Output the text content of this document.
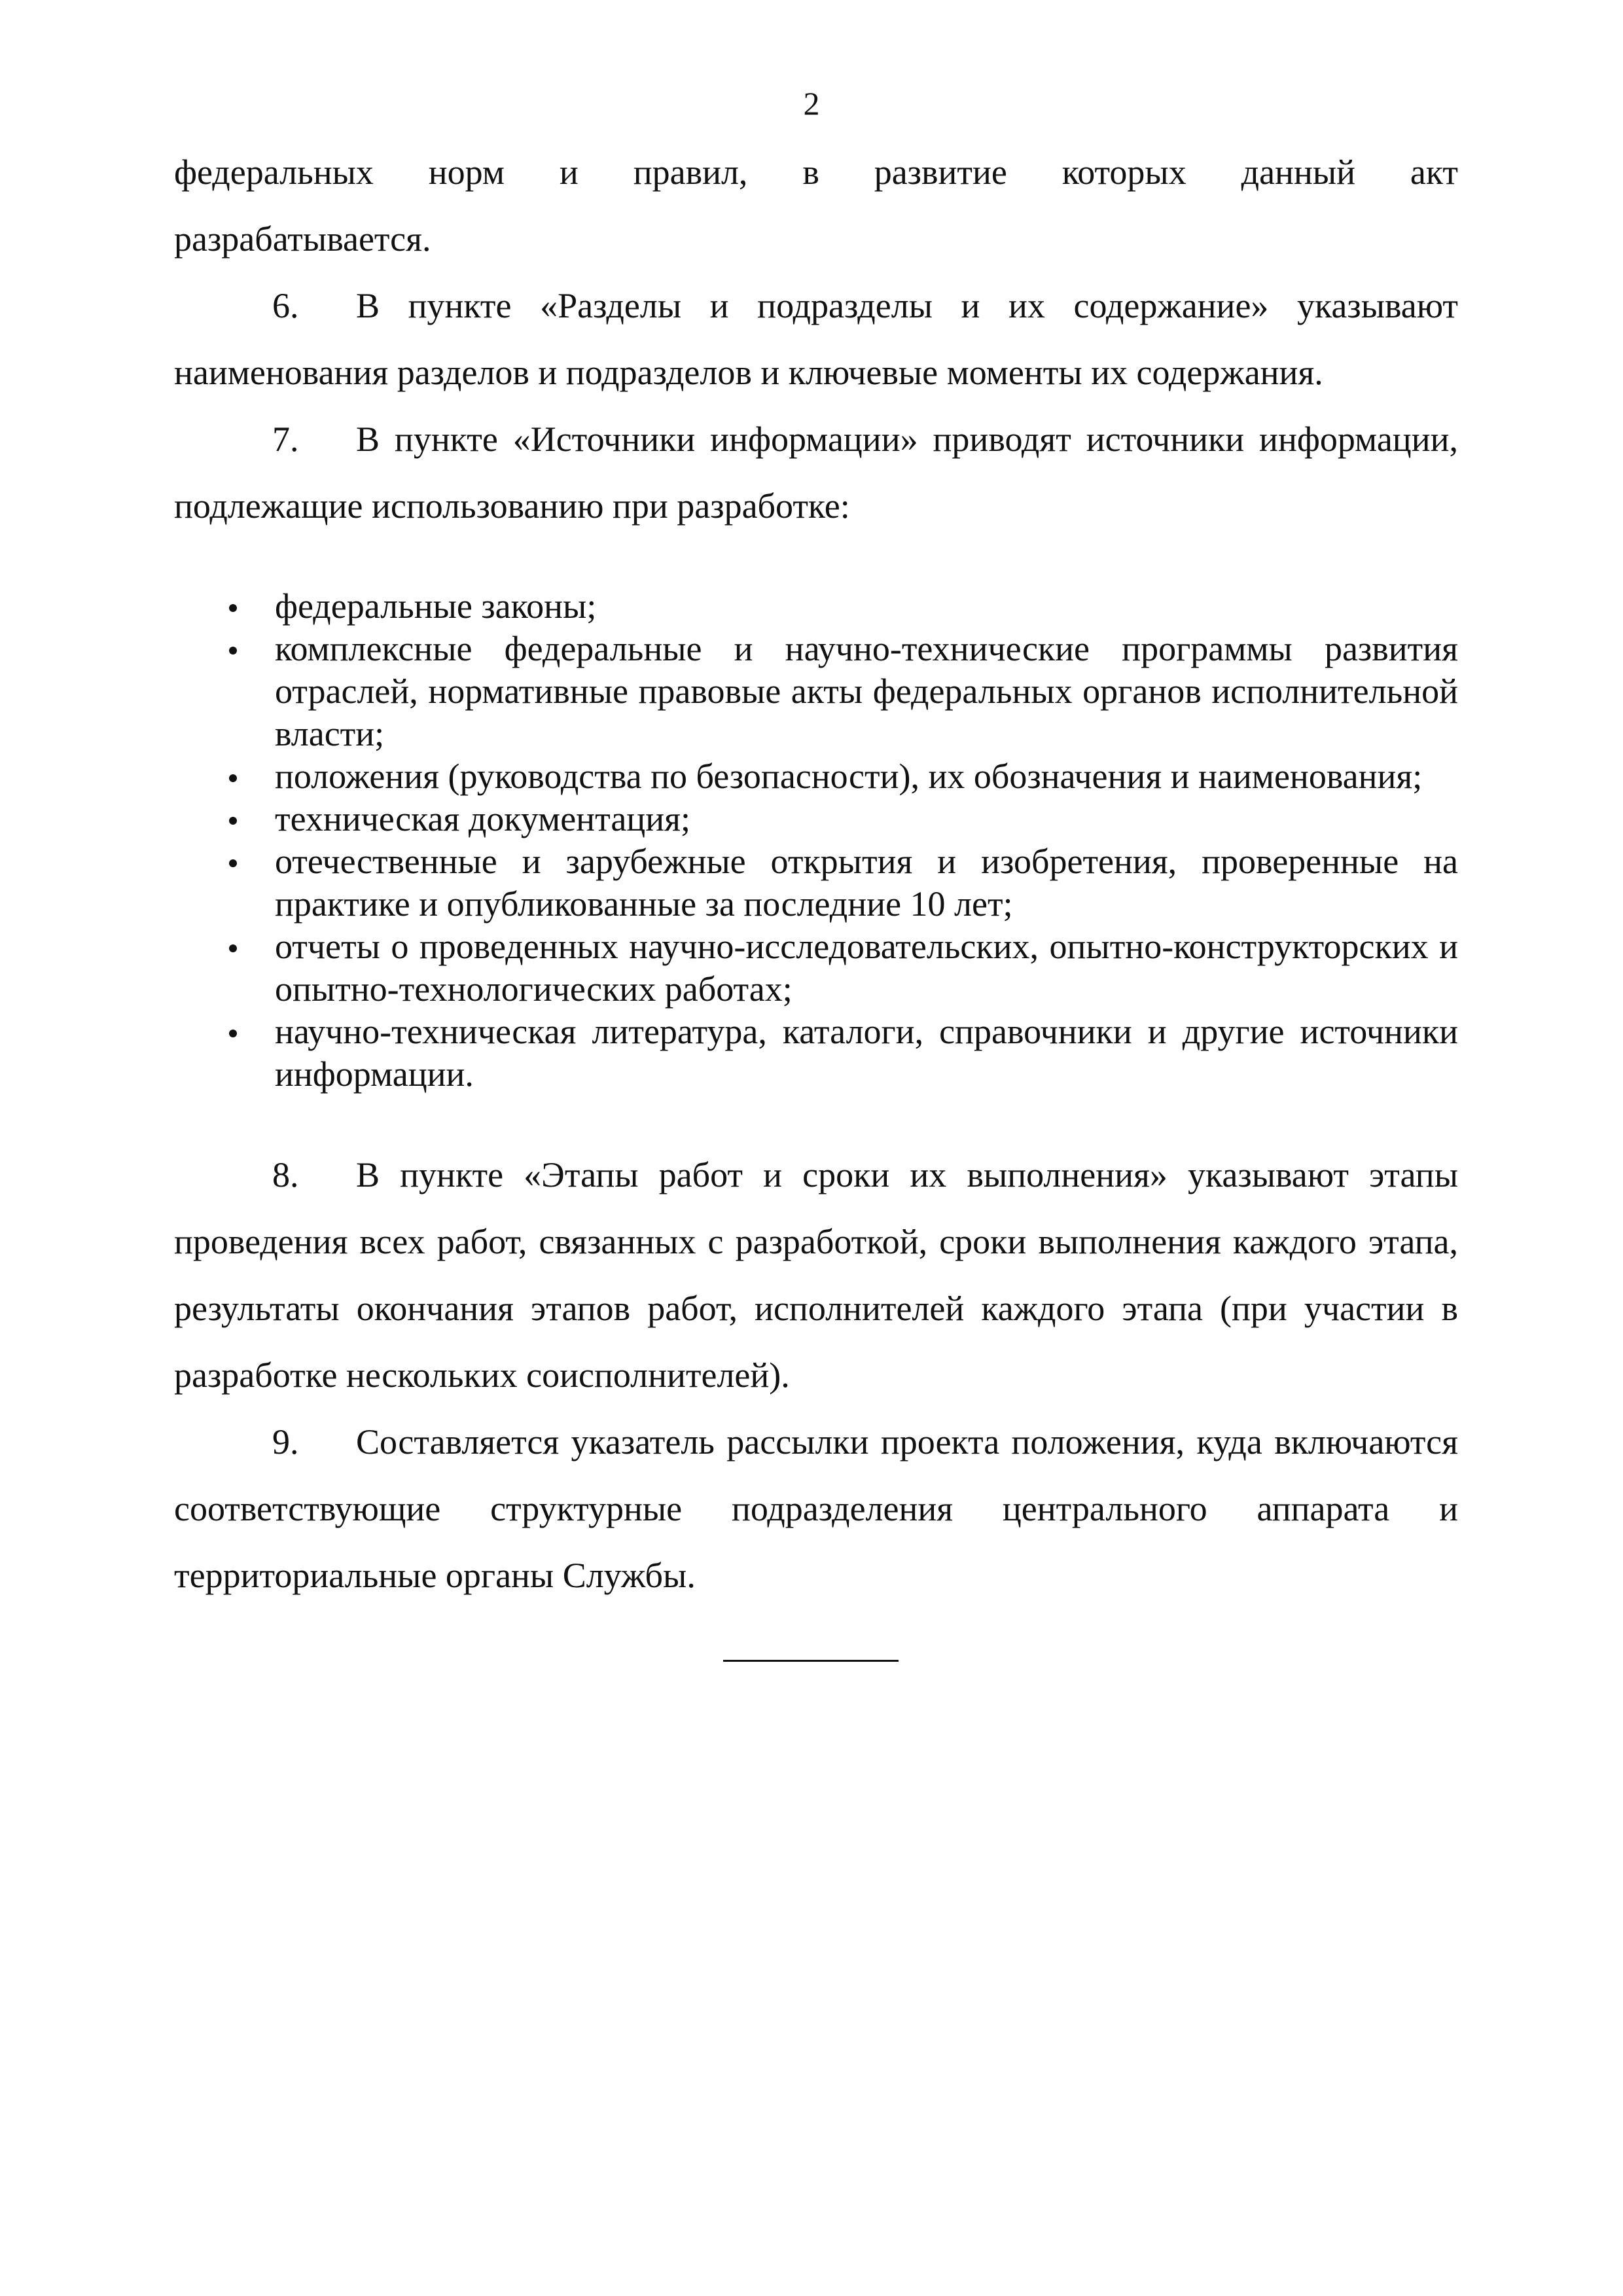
2

федеральных норм и правил, в развитие которых данный акт
разрабатывается.

6. В пункте «Разделы и подразделы и их содержание» указывают наименования разделов и подразделов и ключевые моменты их содержания.

7. В пункте «Источники информации» приводят источники информации, подлежащие использованию при разработке:

федеральные законы;
комплексные федеральные и научно-технические программы развития отраслей, нормативные правовые акты федеральных органов исполнительной власти;
положения (руководства по безопасности), их обозначения и наименования;
техническая документация;
отечественные и зарубежные открытия и изобретения, проверенные на практике и опубликованные за последние 10 лет;
отчеты о проведенных научно-исследовательских, опытно-конструкторских и опытно-технологических работах;
научно-техническая литература, каталоги, справочники и другие источники информации.

8. В пункте «Этапы работ и сроки их выполнения» указывают этапы проведения всех работ, связанных с разработкой, сроки выполнения каждого этапа, результаты окончания этапов работ, исполнителей каждого этапа (при участии в разработке нескольких соисполнителей).

9. Составляется указатель рассылки проекта положения, куда включаются соответствующие структурные подразделения центрального аппарата и территориальные органы Службы.
